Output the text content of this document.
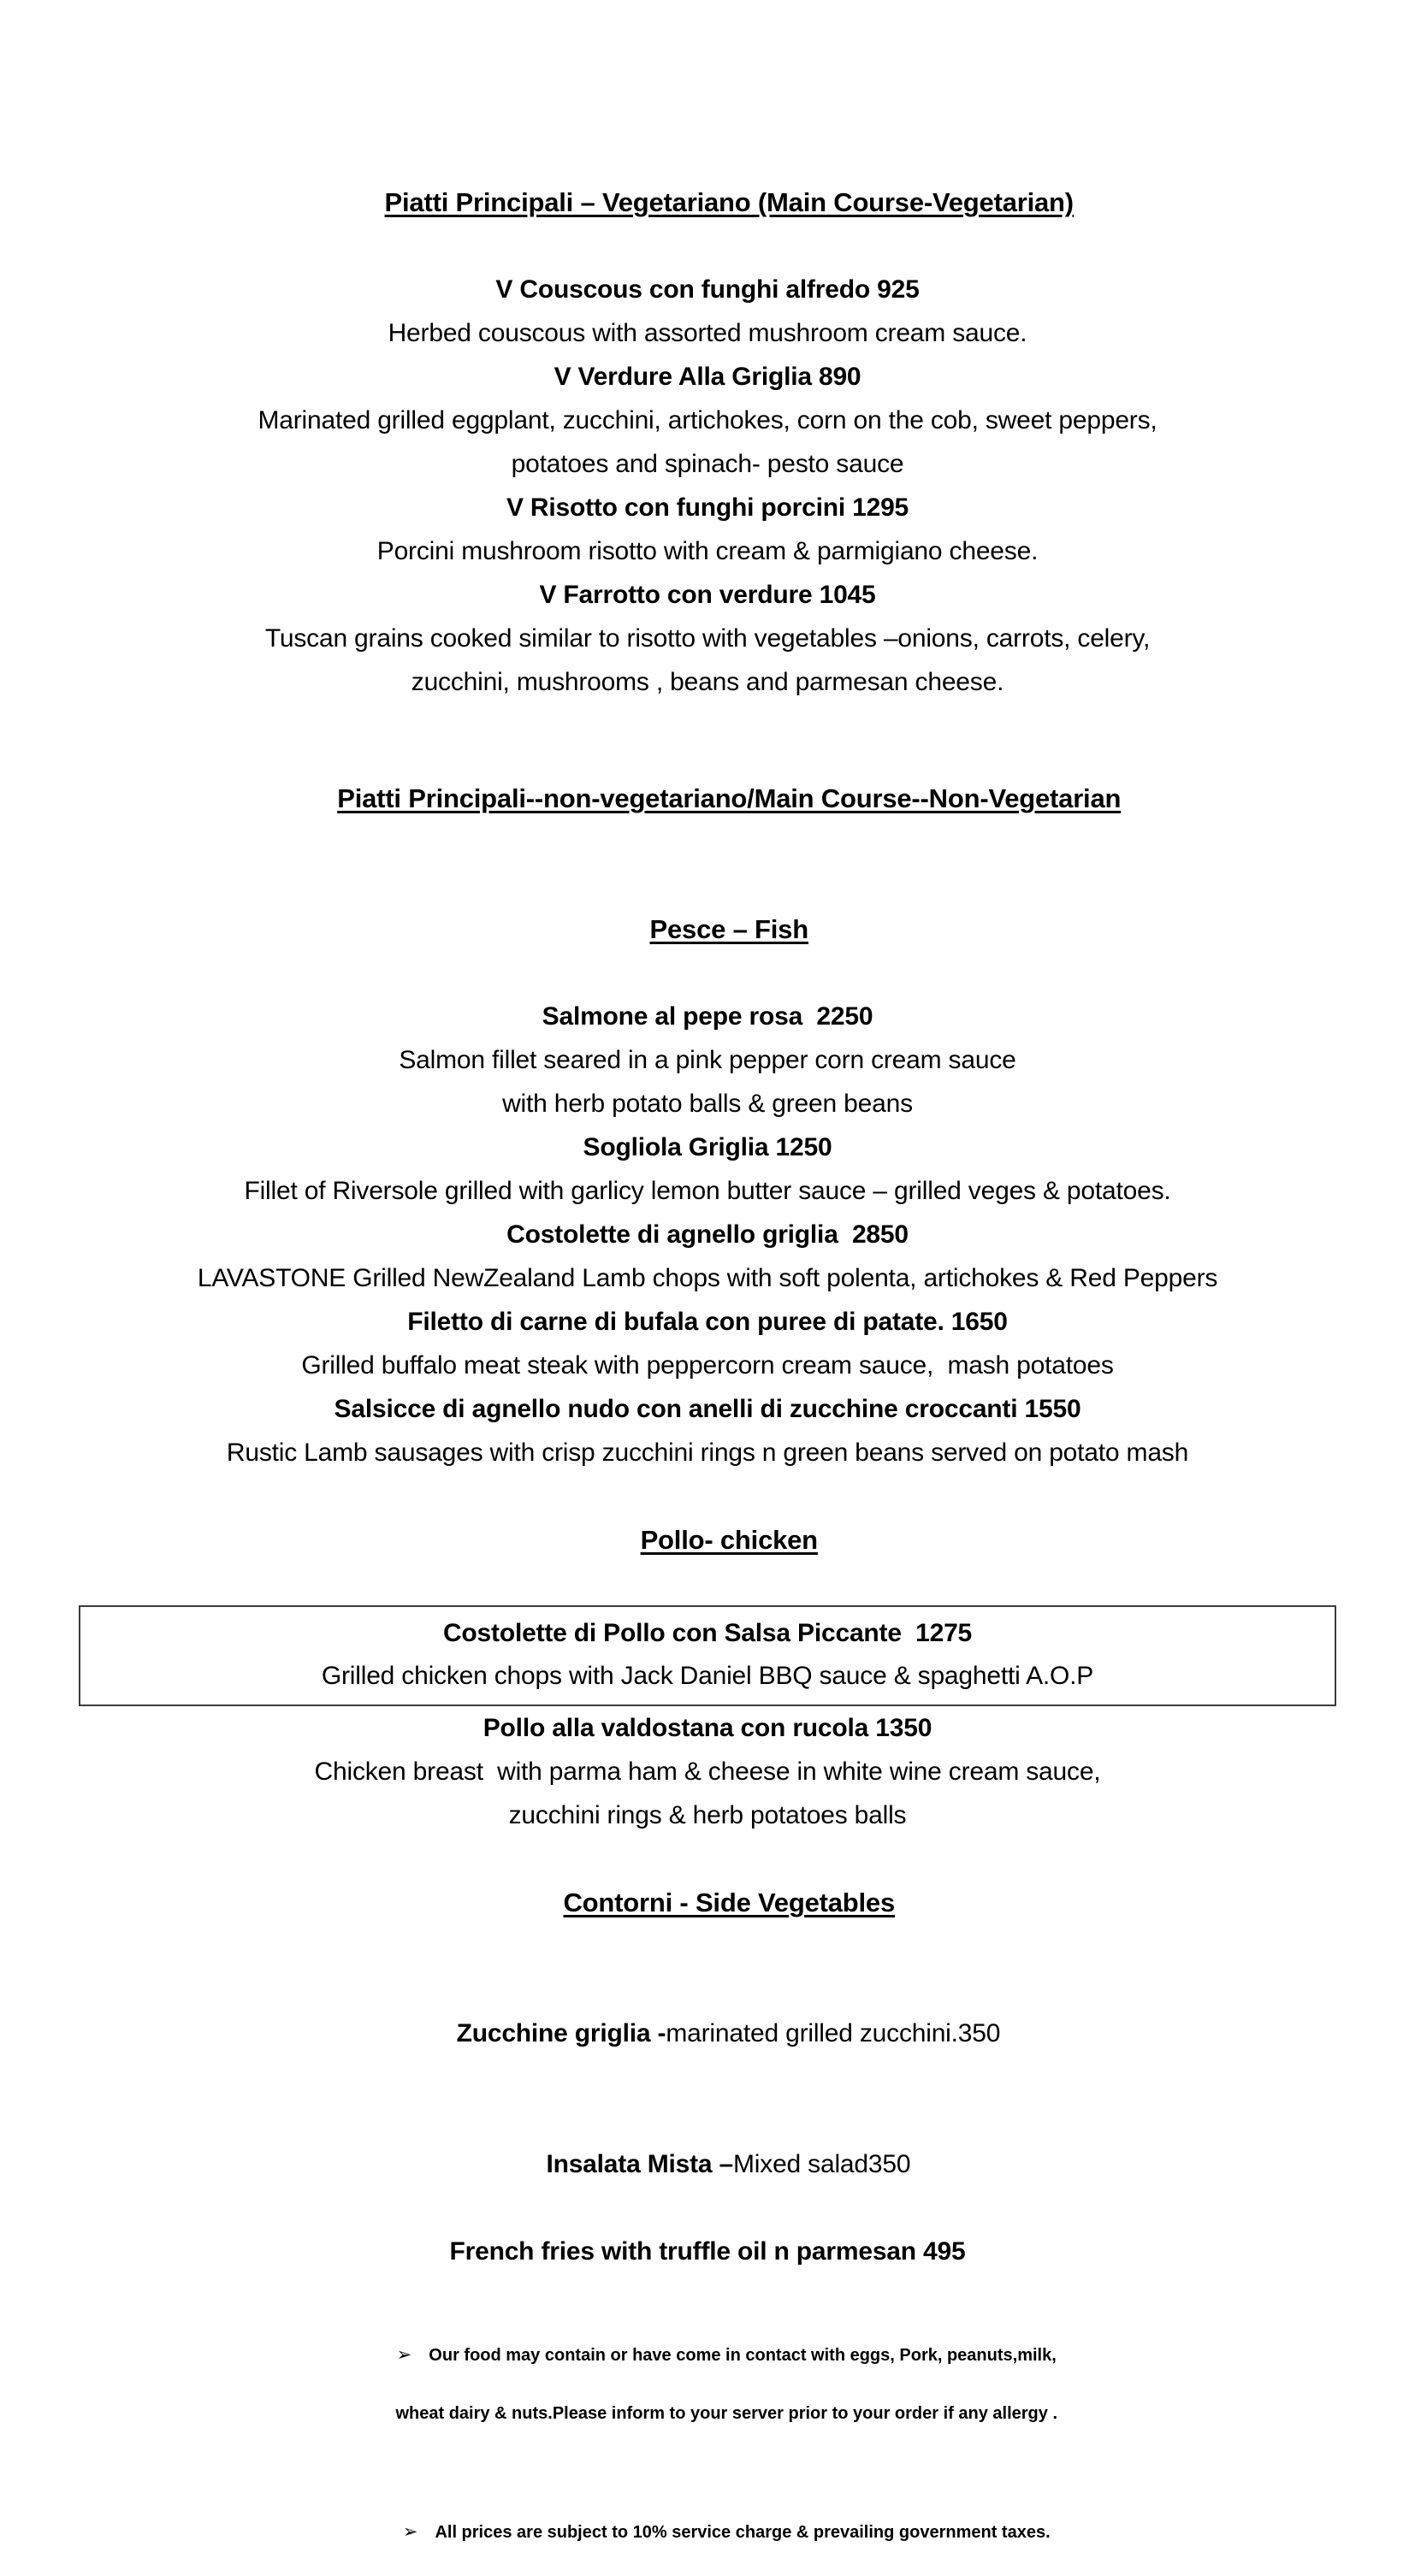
Piatti Principali – Vegetariano (Main Course-Vegetarian)

V Couscous con funghi alfredo 925
Herbed couscous with assorted mushroom cream sauce.
V Verdure Alla Griglia 890
Marinated grilled eggplant, zucchini, artichokes, corn on the cob, sweet peppers,
potatoes and spinach- pesto sauce
V Risotto con funghi porcini 1295
Porcini mushroom risotto with cream & parmigiano cheese.
V Farrotto con verdure 1045
Tuscan grains cooked similar to risotto with vegetables –onions, carrots, celery,
zucchini, mushrooms , beans and parmesan cheese.

Piatti Principali--non-vegetariano/Main Course--Non-Vegetarian

Pesce – Fish

Salmone al pepe rosa  2250
Salmon fillet seared in a pink pepper corn cream sauce
with herb potato balls & green beans
Sogliola Griglia 1250
Fillet of Riversole grilled with garlicy lemon butter sauce – grilled veges & potatoes.
Costolette di agnello griglia  2850
LAVASTONE Grilled NewZealand Lamb chops with soft polenta, artichokes & Red Peppers
Filetto di carne di bufala con puree di patate. 1650
Grilled buffalo meat steak with peppercorn cream sauce,  mash potatoes
Salsicce di agnello nudo con anelli di zucchine croccanti 1550
Rustic Lamb sausages with crisp zucchini rings n green beans served on potato mash

Pollo- chicken

Costolette di Pollo con Salsa Piccante  1275
Grilled chicken chops with Jack Daniel BBQ sauce & spaghetti A.O.P
Pollo alla valdostana con rucola 1350
Chicken breast  with parma ham & cheese in white wine cream sauce,
zucchini rings & herb potatoes balls

Contorni - Side Vegetables

Zucchine griglia -marinated grilled zucchini.350

Insalata Mista –Mixed salad350

French fries with truffle oil n parmesan 495

➢   Our food may contain or have come in contact with eggs, Pork, peanuts,milk,

wheat dairy & nuts.Please inform to your server prior to your order if any allergy .

➢   All prices are subject to 10% service charge & prevailing government taxes.
